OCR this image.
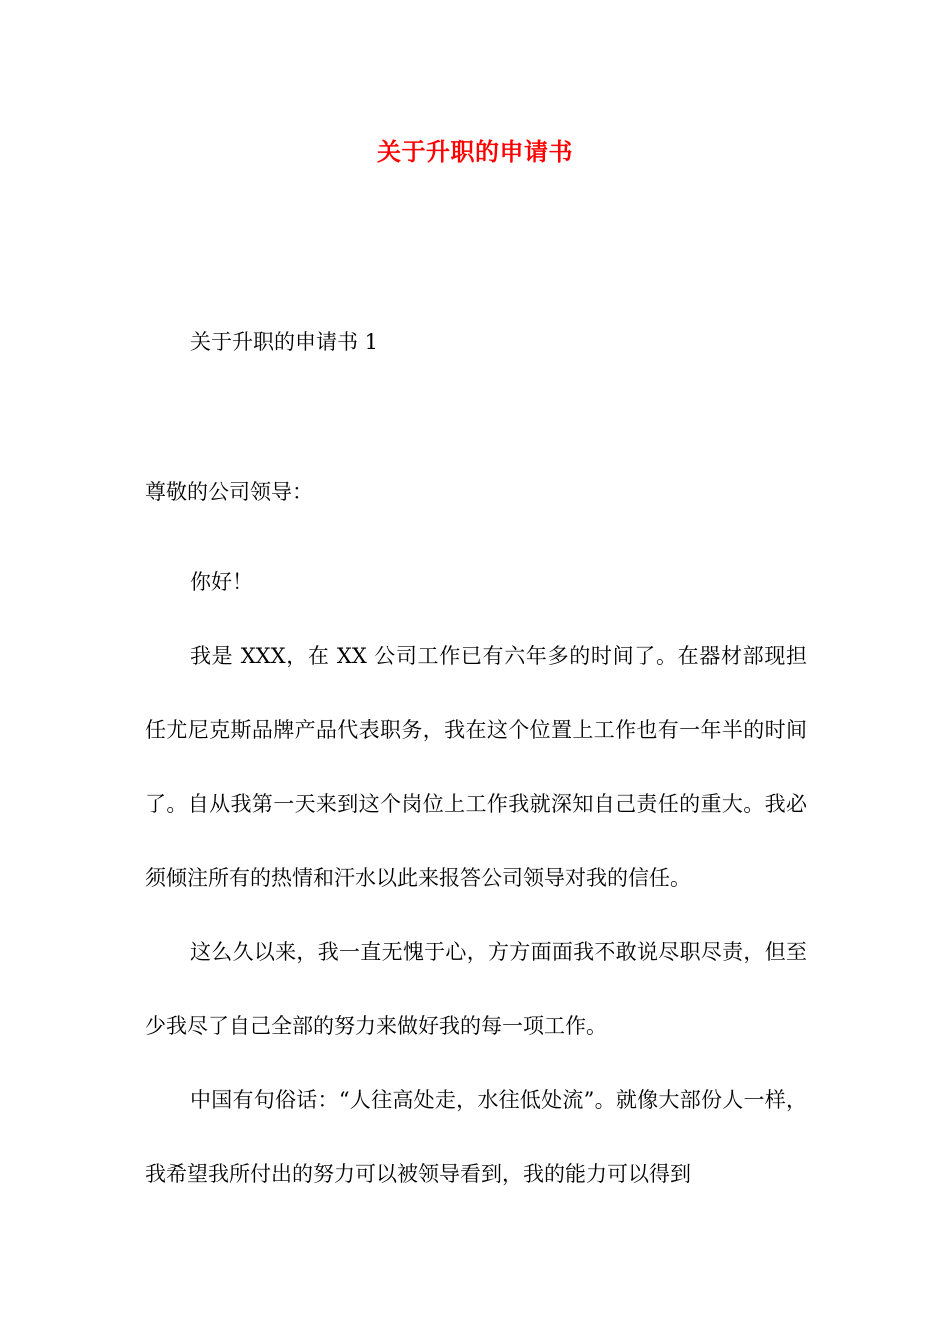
关于升职的申请书
关于升职的申请书 1
尊敬的公司领导：

你好！

我是 XXX，在 XX 公司工作已有六年多的时间了。在器材部现担任尤尼克斯品牌产品代表职务，我在这个位置上工作也有一年半的时间了。自从我第一天来到这个岗位上工作我就深知自己责任的重大。我必须倾注所有的热情和汗水以此来报答公司领导对我的信任。

这么久以来，我一直无愧于心，方方面面我不敢说尽职尽责，但至少我尽了自己全部的努力来做好我的每一项工作。

中国有句俗话：“人往高处走，水往低处流”。就像大部份人一样，我希望我所付出的努力可以被领导看到，我的能力可以得到
